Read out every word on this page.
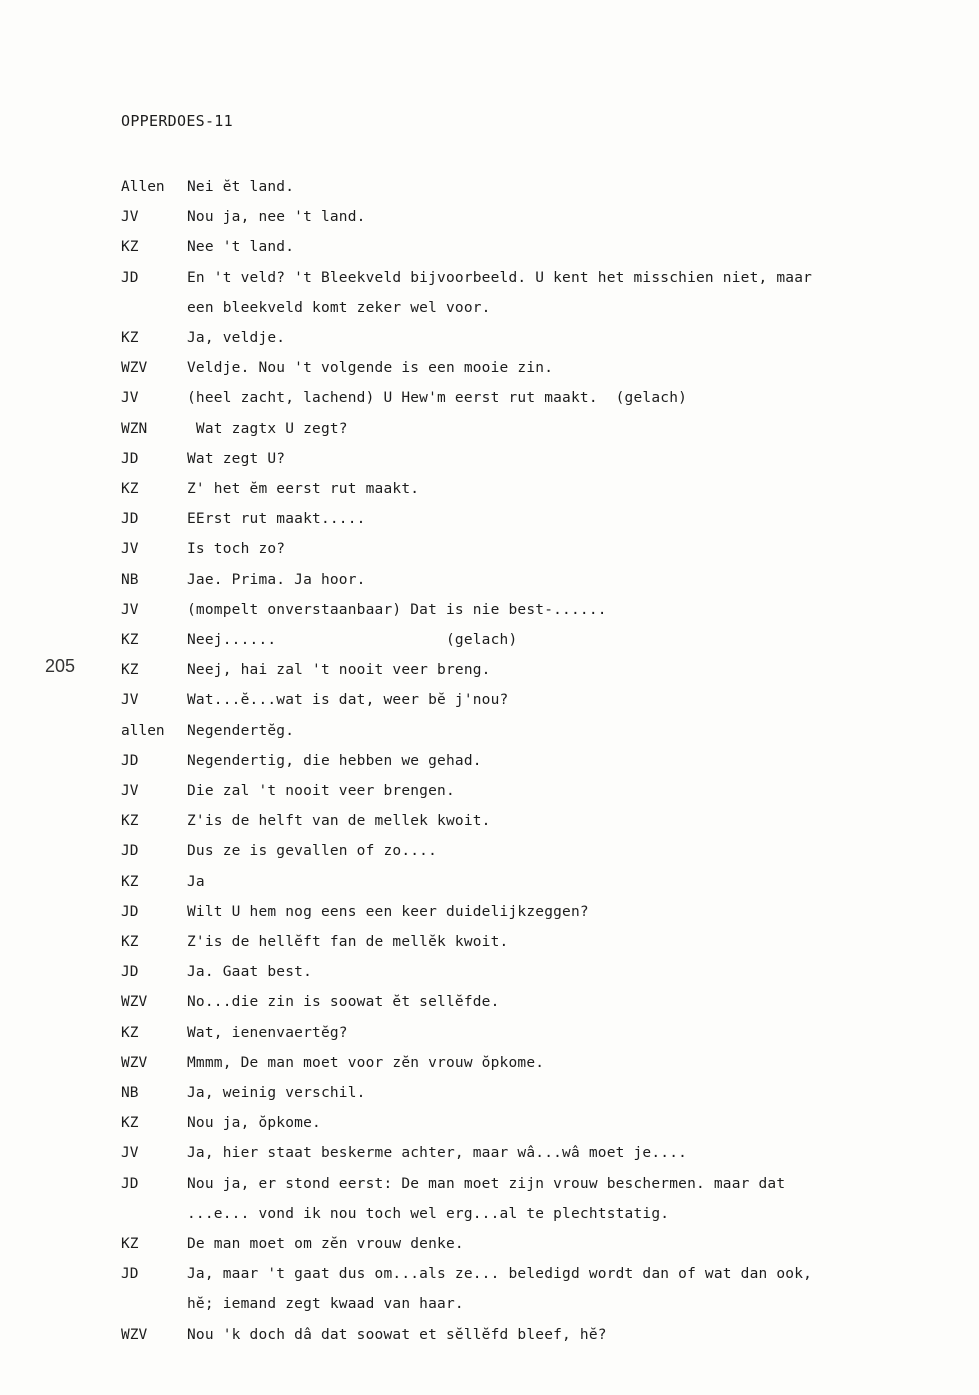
OPPERDOES-11
205
Allen	Nei ĕt land.
JV	Nou ja, nee 't land.
KZ	Nee 't land.
JD	En 't veld? 't Bleekveld bijvoorbeeld. U kent het misschien niet, maar
een bleekveld komt zeker wel voor.
KZ	Ja, veldje.
WZV	Veldje. Nou 't volgende is een mooie zin.
JV	(heel zacht, lachend) U Hew'm eerst rut maakt.  (gelach)
WZN	Wat zagtx U zegt?
JD	Wat zegt U?
KZ	Z' het ĕm eerst rut maakt.
JD	EErst rut maakt.....
JV	Is toch zo?
NB	Jae. Prima. Ja hoor.
JV	(mompelt onverstaanbaar) Dat is nie best-......
KZ	Neej......                   (gelach)
KZ	Neej, hai zal 't nooit veer breng.
JV	Wat...ĕ...wat is dat, weer bĕ j'nou?
allen	Negendertĕg.
JD	Negendertig, die hebben we gehad.
JV	Die zal 't nooit veer brengen.
KZ	Z'is de helft van de mellek kwoit.
JD	Dus ze is gevallen of zo....
KZ	Ja
JD	Wilt U hem nog eens een keer duidelijkzeggen?
KZ	Z'is de hellĕft fan de mellĕk kwoit.
JD	Ja. Gaat best.
WZV	No...die zin is soowat ĕt sellĕfde.
KZ	Wat, ienenvaertĕg?
WZV	Mmmm, De man moet voor zĕn vrouw ŏpkome.
NB	Ja, weinig verschil.
KZ	Nou ja, ŏpkome.
JV	Ja, hier staat beskerme achter, maar wâ...wâ moet je....
JD	Nou ja, er stond eerst: De man moet zijn vrouw beschermen. maar dat
...e... vond ik nou toch wel erg...al te plechtstatig.
KZ	De man moet om zĕn vrouw denke.
JD	Ja, maar 't gaat dus om...als ze... beledigd wordt dan of wat dan ook,
hĕ; iemand zegt kwaad van haar.
WZV	Nou 'k doch dâ dat soowat et sĕllĕfd bleef, hĕ?
